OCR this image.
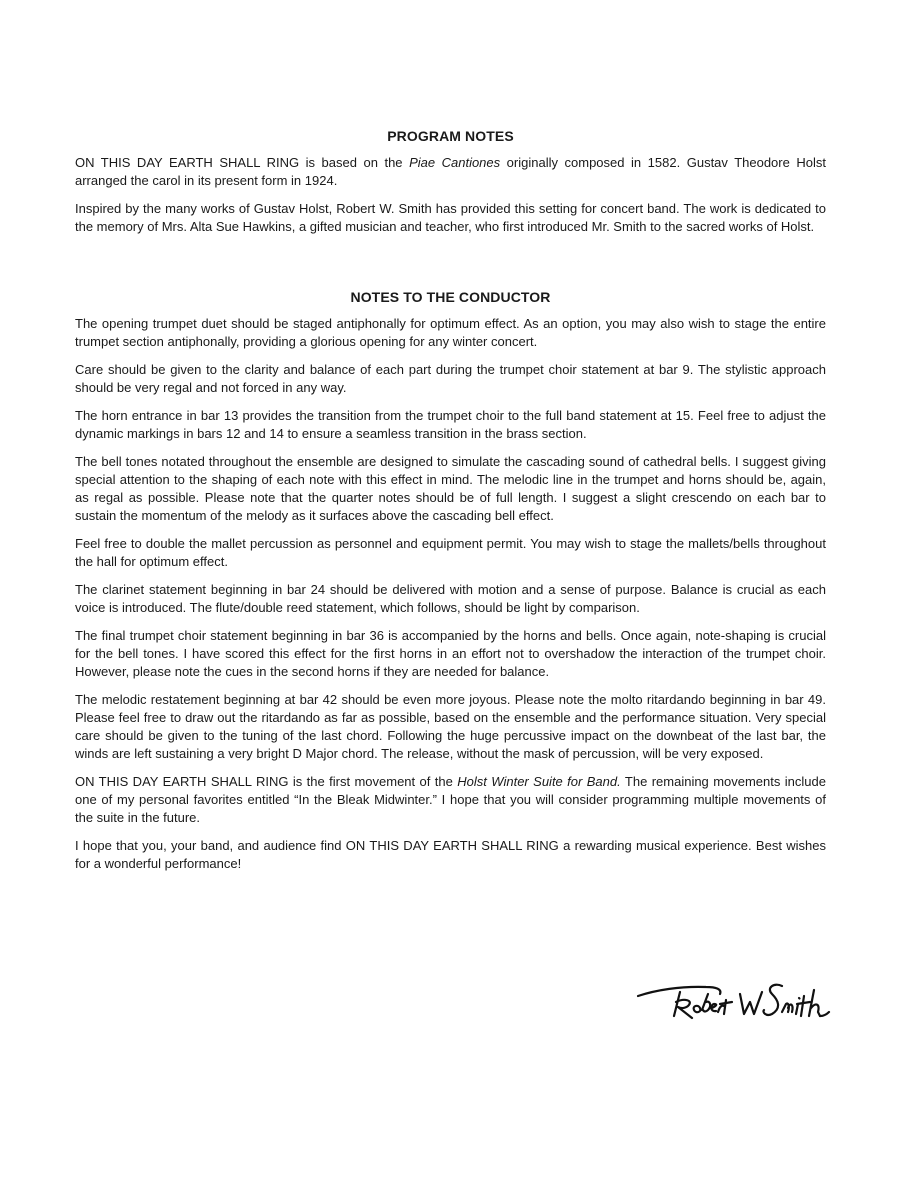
PROGRAM NOTES

ON THIS DAY EARTH SHALL RING is based on the Piae Cantiones originally composed in 1582. Gustav Theodore Holst arranged the carol in its present form in 1924.

Inspired by the many works of Gustav Holst, Robert W. Smith has provided this setting for concert band. The work is dedicated to the memory of Mrs. Alta Sue Hawkins, a gifted musician and teacher, who first introduced Mr. Smith to the sacred works of Holst.

NOTES TO THE CONDUCTOR

The opening trumpet duet should be staged antiphonally for optimum effect. As an option, you may also wish to stage the entire trumpet section antiphonally, providing a glorious opening for any winter concert.

Care should be given to the clarity and balance of each part during the trumpet choir statement at bar 9. The stylistic approach should be very regal and not forced in any way.

The horn entrance in bar 13 provides the transition from the trumpet choir to the full band statement at 15. Feel free to adjust the dynamic markings in bars 12 and 14 to ensure a seamless transition in the brass section.

The bell tones notated throughout the ensemble are designed to simulate the cascading sound of cathedral bells. I suggest giving special attention to the shaping of each note with this effect in mind. The melodic line in the trumpet and horns should be, again, as regal as possible. Please note that the quarter notes should be of full length. I suggest a slight crescendo on each bar to sustain the momentum of the melody as it surfaces above the cascading bell effect.

Feel free to double the mallet percussion as personnel and equipment permit. You may wish to stage the mallets/bells throughout the hall for optimum effect.

The clarinet statement beginning in bar 24 should be delivered with motion and a sense of purpose. Balance is crucial as each voice is introduced. The flute/double reed statement, which follows, should be light by comparison.

The final trumpet choir statement beginning in bar 36 is accompanied by the horns and bells. Once again, note-shaping is crucial for the bell tones. I have scored this effect for the first horns in an effort not to overshadow the interaction of the trumpet choir. However, please note the cues in the second horns if they are needed for balance.

The melodic restatement beginning at bar 42 should be even more joyous. Please note the molto ritardando beginning in bar 49. Please feel free to draw out the ritardando as far as possible, based on the ensemble and the performance situation. Very special care should be given to the tuning of the last chord. Following the huge percussive impact on the downbeat of the last bar, the winds are left sustaining a very bright D Major chord. The release, without the mask of percussion, will be very exposed.

ON THIS DAY EARTH SHALL RING is the first movement of the Holst Winter Suite for Band. The remaining movements include one of my personal favorites entitled “In the Bleak Midwinter.” I hope that you will consider programming multiple movements of the suite in the future.

I hope that you, your band, and audience find ON THIS DAY EARTH SHALL RING a rewarding musical experience. Best wishes for a wonderful performance!
